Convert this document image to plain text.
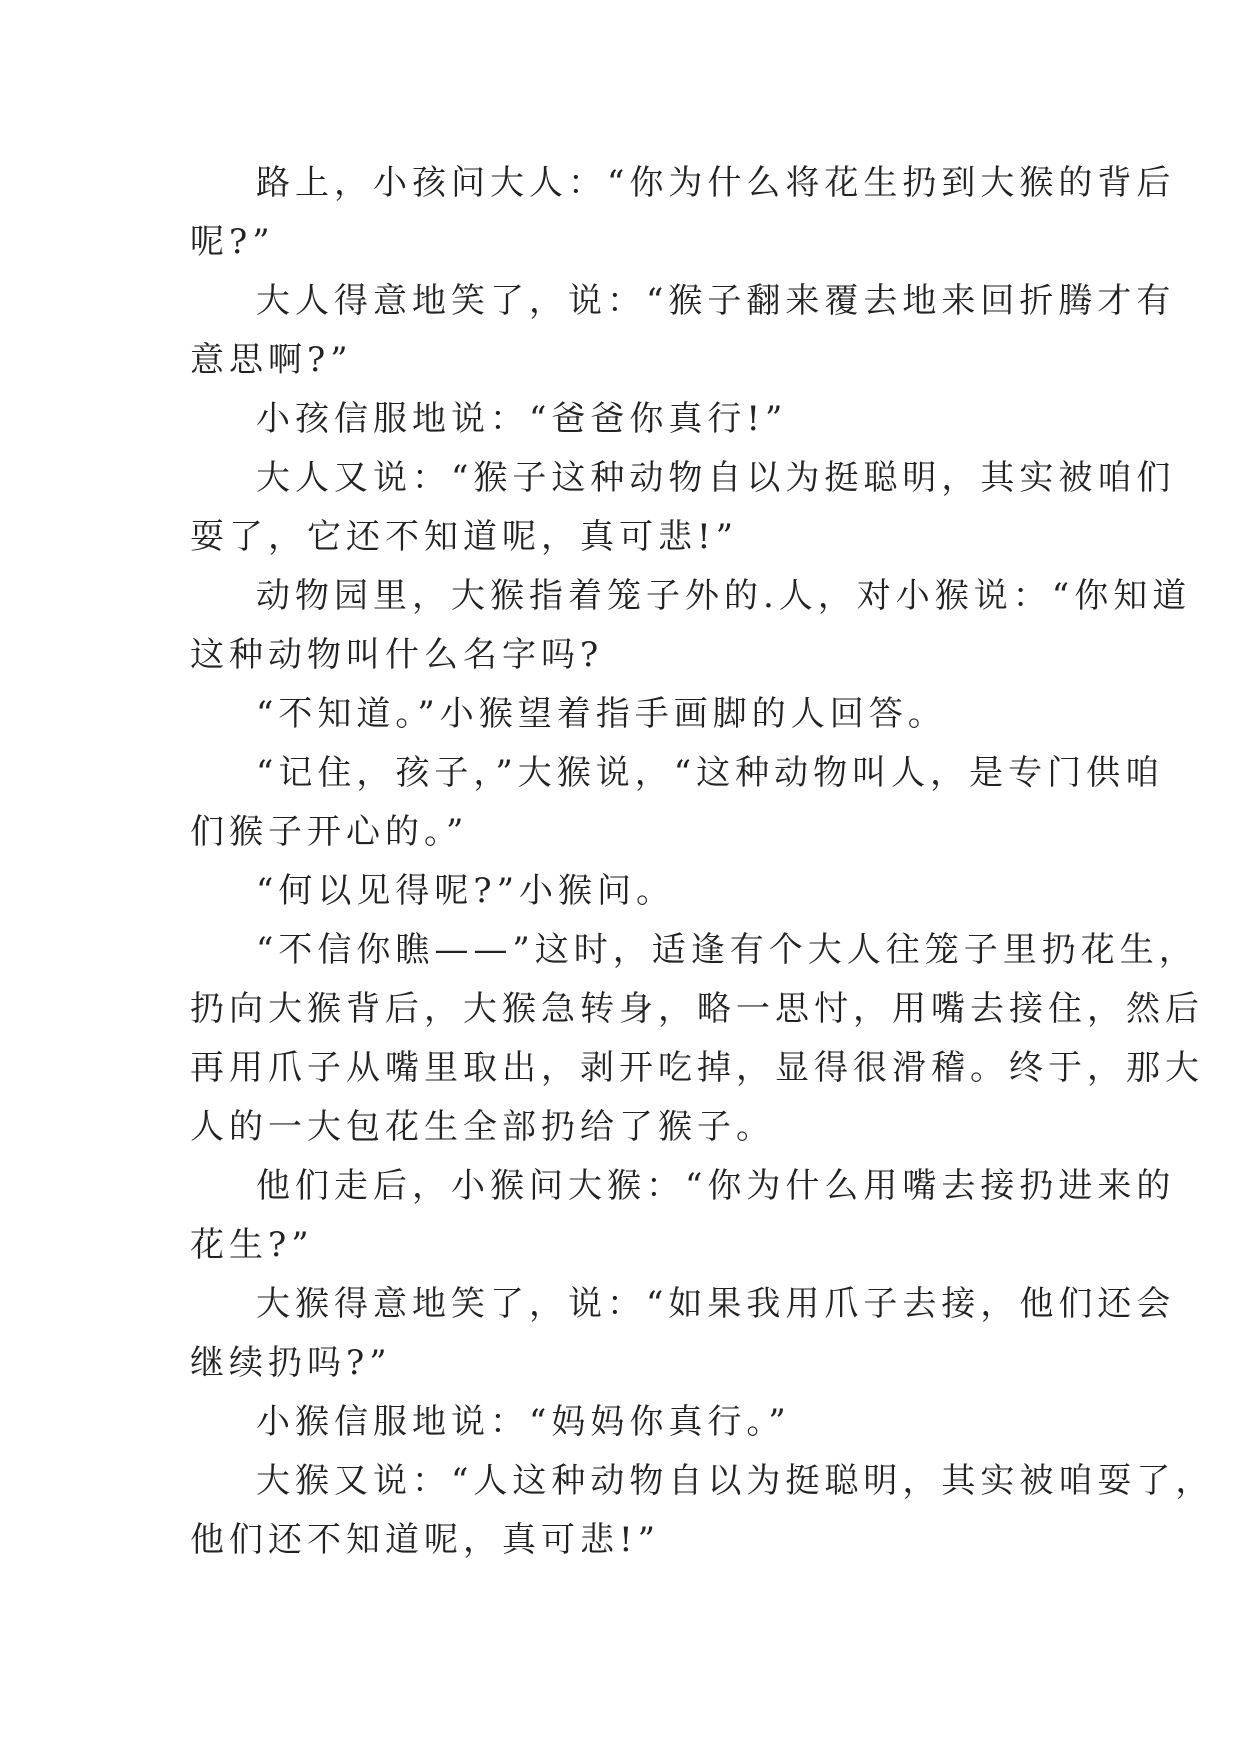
路上，小孩问大人：“你为什么将花生扔到大猴的背后
呢?”
大人得意地笑了，说：“猴子翻来覆去地来回折腾才有
意思啊?”
小孩信服地说：“爸爸你真行!”
大人又说：“猴子这种动物自以为挺聪明，其实被咱们
耍了，它还不知道呢，真可悲!”
动物园里，大猴指着笼子外的.人，对小猴说：“你知道
这种动物叫什么名字吗?
“不知道。”小猴望着指手画脚的人回答。
“记住，孩子，”大猴说，“这种动物叫人，是专门供咱
们猴子开心的。”
“何以见得呢?”小猴问。
“不信你瞧——”这时，适逢有个大人往笼子里扔花生，
扔向大猴背后，大猴急转身，略一思忖，用嘴去接住，然后
再用爪子从嘴里取出，剥开吃掉，显得很滑稽。终于，那大
人的一大包花生全部扔给了猴子。
他们走后，小猴问大猴：“你为什么用嘴去接扔进来的
花生?”
大猴得意地笑了，说：“如果我用爪子去接，他们还会
继续扔吗?”
小猴信服地说：“妈妈你真行。”
大猴又说：“人这种动物自以为挺聪明，其实被咱耍了，
他们还不知道呢，真可悲!”
